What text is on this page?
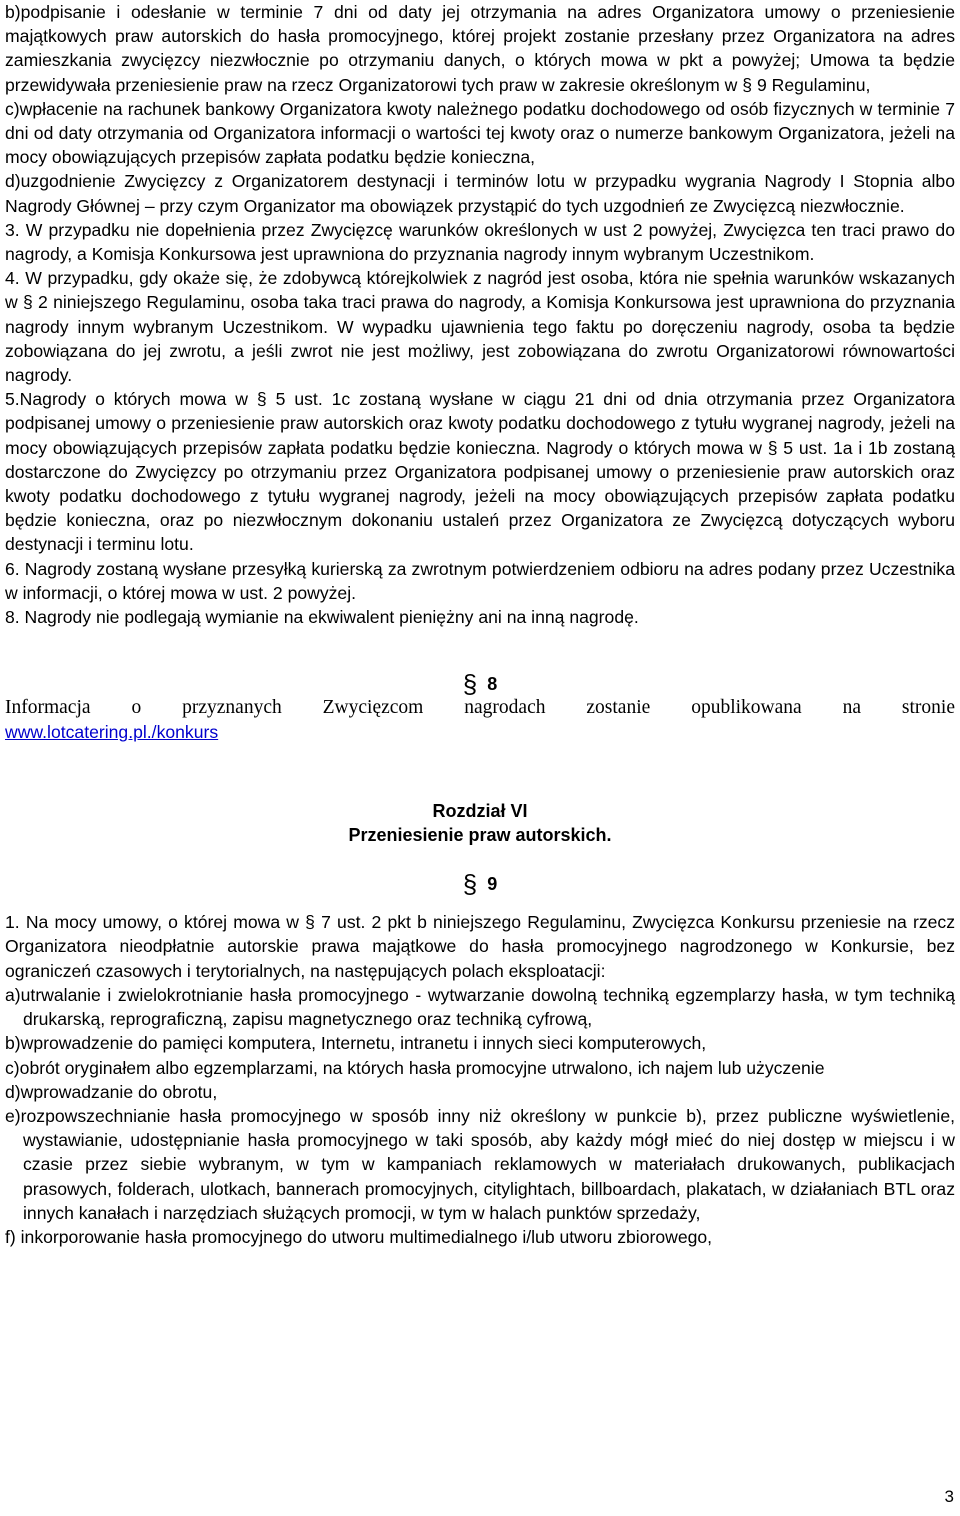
b)podpisanie i odesłanie w terminie 7 dni od daty jej otrzymania na adres Organizatora umowy o przeniesienie majątkowych praw autorskich do hasła promocyjnego, której projekt zostanie przesłany przez Organizatora na adres zamieszkania zwycięzcy niezwłocznie po otrzymaniu danych, o których mowa w pkt a powyżej; Umowa ta będzie przewidywała przeniesienie praw na rzecz Organizatorowi tych praw w zakresie określonym w § 9 Regulaminu,

c)wpłacenie na rachunek bankowy Organizatora kwoty należnego podatku dochodowego od osób fizycznych w terminie 7 dni od daty otrzymania od Organizatora informacji o wartości tej kwoty oraz o numerze bankowym Organizatora, jeżeli na mocy obowiązujących przepisów zapłata podatku będzie konieczna,

d)uzgodnienie Zwycięzcy z Organizatorem destynacji i terminów lotu w przypadku wygrania Nagrody I Stopnia albo Nagrody Głównej – przy czym Organizator ma obowiązek przystąpić do tych uzgodnień ze Zwycięzcą niezwłocznie.

3. W przypadku nie dopełnienia przez Zwycięzcę warunków określonych w ust 2 powyżej, Zwycięzca ten traci prawo do nagrody, a Komisja Konkursowa jest uprawniona do przyznania nagrody innym wybranym Uczestnikom.

4. W przypadku, gdy okaże się, że zdobywcą którejkolwiek z nagród jest osoba, która nie spełnia warunków wskazanych w § 2 niniejszego Regulaminu, osoba taka traci prawa do nagrody, a Komisja Konkursowa jest uprawniona do przyznania nagrody innym wybranym Uczestnikom. W wypadku ujawnienia tego faktu po doręczeniu nagrody, osoba ta będzie zobowiązana do jej zwrotu, a jeśli zwrot nie jest możliwy, jest zobowiązana do zwrotu Organizatorowi równowartości nagrody.

5.Nagrody o których mowa w § 5 ust. 1c zostaną wysłane w ciągu 21 dni od dnia otrzymania przez Organizatora podpisanej umowy o przeniesienie praw autorskich oraz kwoty podatku dochodowego z tytułu wygranej nagrody, jeżeli na mocy obowiązujących przepisów zapłata podatku będzie konieczna. Nagrody o których mowa w § 5 ust. 1a i 1b zostaną dostarczone do Zwycięzcy po otrzymaniu przez Organizatora podpisanej umowy o przeniesienie praw autorskich oraz kwoty podatku dochodowego z tytułu wygranej nagrody, jeżeli na mocy obowiązujących przepisów zapłata podatku będzie konieczna, oraz po niezwłocznym dokonaniu ustaleń przez Organizatora ze Zwycięzcą dotyczących wyboru destynacji i terminu lotu.

6. Nagrody zostaną wysłane przesyłką kurierską za zwrotnym potwierdzeniem odbioru na adres podany przez Uczestnika w informacji, o której mowa w ust. 2 powyżej.

8. Nagrody nie podlegają wymianie na ekwiwalent pieniężny ani na inną nagrodę.

§ 8

Informacja o przyznanych Zwycięzcom nagrodach zostanie opublikowana na stronie

www.lotcatering.pl./konkurs

Rozdział VI

Przeniesienie praw autorskich.

§ 9

1. Na mocy umowy, o której mowa w § 7 ust. 2 pkt b niniejszego Regulaminu, Zwycięzca Konkursu przeniesie na rzecz Organizatora nieodpłatnie autorskie prawa majątkowe do hasła promocyjnego nagrodzonego w Konkursie, bez ograniczeń czasowych i terytorialnych, na następujących polach eksploatacji:

a)utrwalanie i zwielokrotnianie hasła promocyjnego - wytwarzanie dowolną techniką egzemplarzy hasła, w tym techniką drukarską, reprograficzną, zapisu magnetycznego oraz techniką cyfrową,

b)wprowadzenie do pamięci komputera, Internetu, intranetu i innych sieci komputerowych,

c)obrót oryginałem albo egzemplarzami, na których hasła promocyjne utrwalono, ich najem lub użyczenie

d)wprowadzanie do obrotu,

e)rozpowszechnianie hasła promocyjnego w sposób inny niż określony w punkcie b), przez publiczne wyświetlenie, wystawianie, udostępnianie hasła promocyjnego w taki sposób, aby każdy mógł mieć do niej dostęp w miejscu i w czasie przez siebie wybranym, w tym w kampaniach reklamowych w materiałach drukowanych, publikacjach prasowych, folderach, ulotkach, bannerach promocyjnych, citylightach, billboardach, plakatach, w działaniach BTL oraz innych kanałach i narzędziach służących promocji, w tym w halach punktów sprzedaży,

f) inkorporowanie hasła promocyjnego do utworu multimedialnego i/lub utworu zbiorowego,

3
